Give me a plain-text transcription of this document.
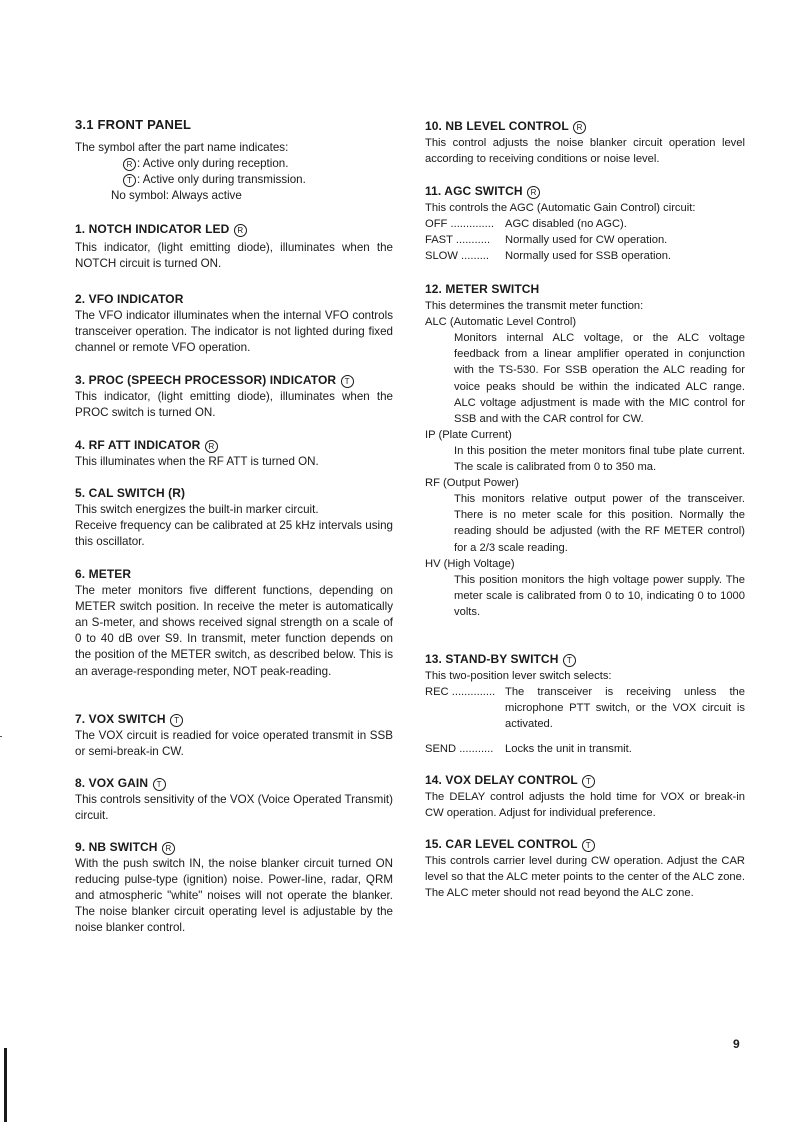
3.1 FRONT PANEL

The symbol after the part name indicates:

R : Active only during reception.
T : Active only during transmission.
No symbol: Always active
1. NOTCH INDICATOR LED R

This indicator, (light emitting diode), illuminates when the NOTCH circuit is turned ON.

2. VFO INDICATOR

The VFO indicator illuminates when the internal VFO controls transceiver operation. The indicator is not lighted during fixed channel or remote VFO operation.

3. PROC (SPEECH PROCESSOR) INDICATOR T

This indicator, (light emitting diode), illuminates when the PROC switch is turned ON.

4. RF ATT INDICATOR R

This illuminates when the RF ATT is turned ON.

5. CAL SWITCH (R)

This switch energizes the built-in marker circuit.

Receive frequency can be calibrated at 25 kHz intervals using this oscillator.

6. METER

The meter monitors five different functions, depending on METER switch position. In receive the meter is automatically an S-meter, and shows received signal strength on a scale of 0 to 40 dB over S9. In transmit, meter function depends on the position of the METER switch, as described below. This is an average-responding meter, NOT peak-reading.

7. VOX SWITCH T

The VOX circuit is readied for voice operated transmit in SSB or semi-break-in CW.

8. VOX GAIN T

This controls sensitivity of the VOX (Voice Operated Transmit) circuit.

9. NB SWITCH R

With the push switch IN, the noise blanker circuit turned ON reducing pulse-type (ignition) noise. Power-line, radar, QRM and atmospheric "white" noises will not operate the blanker. The noise blanker circuit operating level is adjustable by the noise blanker control.

10. NB LEVEL CONTROL R

This control adjusts the noise blanker circuit operation level according to receiving conditions or noise level.

11. AGC SWITCH R

This controls the AGC (Automatic Gain Control) circuit:

OFF .............. AGC disabled (no AGC).
FAST ...........	Normally used for CW operation.
SLOW .........	Normally used for SSB operation.
12. METER SWITCH

This determines the transmit meter function:

ALC (Automatic Level Control)

Monitors internal ALC voltage, or the ALC voltage feedback from a linear amplifier operated in conjunction with the TS-530. For SSB operation the ALC reading for voice peaks should be within the indicated ALC range. ALC voltage adjustment is made with the MIC control for SSB and with the CAR control for CW.

IP (Plate Current)

In this position the meter monitors final tube plate current. The scale is calibrated from 0 to 350 ma.

RF (Output Power)

This monitors relative output power of the transceiver. There is no meter scale for this position. Normally the reading should be adjusted (with the RF METER control) for a 2/3 scale reading.

HV (High Voltage)

This position monitors the high voltage power supply. The meter scale is calibrated from 0 to 10, indicating 0 to 1000 volts.

13. STAND-BY SWITCH T

This two-position lever switch selects:

REC .............. The transceiver is receiving unless the microphone PTT switch, or the VOX circuit is activated.
SEND ...........	Locks the unit in transmit.
14. VOX DELAY CONTROL T

The DELAY control adjusts the hold time for VOX or break-in CW operation. Adjust for individual preference.

15. CAR LEVEL CONTROL T

This controls carrier level during CW operation. Adjust the CAR level so that the ALC meter points to the center of the ALC zone. The ALC meter should not read beyond the ALC zone.

9
